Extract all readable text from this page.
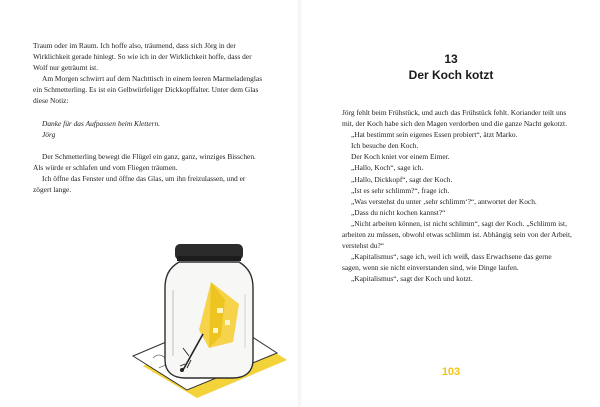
Traum oder im Raum. Ich hoffe also, träumend, dass sich Jörg in der Wirklichkeit gerade hinlegt. So wie ich in der Wirklichkeit hoffe, dass der Wolf nur geträumt ist.

Am Morgen schwirrt auf dem Nachttisch in einem leeren Marmeladenglas ein Schmetterling. Es ist ein Gelbwürfeliger Dickkopffalter. Unter dem Glas diese Notiz:

Danke für das Aufpassen beim Klettern.

Jörg

Der Schmetterling bewegt die Flügel ein ganz, ganz, winziges Bisschen. Als würde er schlafen und vom Fliegen träumen.

Ich öffne das Fenster und öffne das Glas, um ihn freizulassen, und er zögert lange.

13
Der Koch kotzt

Jörg fehlt beim Frühstück, und auch das Frühstück fehlt. Koriander teilt uns mit, der Koch habe sich den Magen verdorben und die ganze Nacht gekotzt.

„Hat bestimmt sein eigenes Essen probiert“, ätzt Marko.

Ich besuche den Koch.

Der Koch kniet vor einem Eimer.

„Hallo, Koch“, sage ich.

„Hallo, Dickkopf“, sagt der Koch.

„Ist es sehr schlimm?“, frage ich.

„Was verstehst du unter ‚sehr schlimm‘?“, antwortet der Koch.

„Dass du nicht kochen kannst?“

„Nicht arbeiten können, ist nicht schlimm“, sagt der Koch. „Schlimm ist, arbeiten zu müssen, obwohl etwas schlimm ist. Abhängig sein von der Arbeit, verstehst du?“

„Kapitalismus“, sage ich, weil ich weiß, dass Erwachsene das gerne sagen, wenn sie nicht einverstanden sind, wie Dinge laufen.

„Kapitalismus“, sagt der Koch und kotzt.

103
